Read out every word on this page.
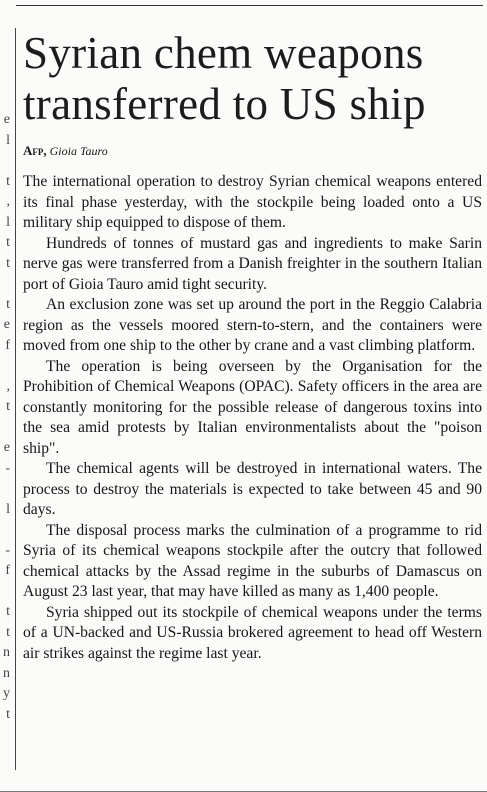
e
l

t
,
l
t
t

t
e
f

,
t

e
-

l

-
f

t
t
n
n
y
t
Syrian chem weapons transferred to US ship
Afp, Gioia Tauro

The international operation to destroy Syrian chemical weapons entered its final phase yesterday, with the stockpile being loaded onto a US military ship equipped to dispose of them.

Hundreds of tonnes of mustard gas and ingredients to make Sarin nerve gas were transferred from a Danish freighter in the southern Italian port of Gioia Tauro amid tight security.

An exclusion zone was set up around the port in the Reggio Calabria region as the vessels moored stern-to-stern, and the containers were moved from one ship to the other by crane and a vast climbing platform.

The operation is being overseen by the Organisation for the Prohibition of Chemical Weapons (OPAC). Safety officers in the area are constantly monitoring for the possible release of dangerous toxins into the sea amid protests by Italian environmentalists about the "poison ship".

The chemical agents will be destroyed in international waters. The process to destroy the materials is expected to take between 45 and 90 days.

The disposal process marks the culmination of a programme to rid Syria of its chemical weapons stockpile after the outcry that followed chemical attacks by the Assad regime in the suburbs of Damascus on August 23 last year, that may have killed as many as 1,400 people.

Syria shipped out its stockpile of chemical weapons under the terms of a UN-backed and US-Russia brokered agreement to head off Western air strikes against the regime last year.
